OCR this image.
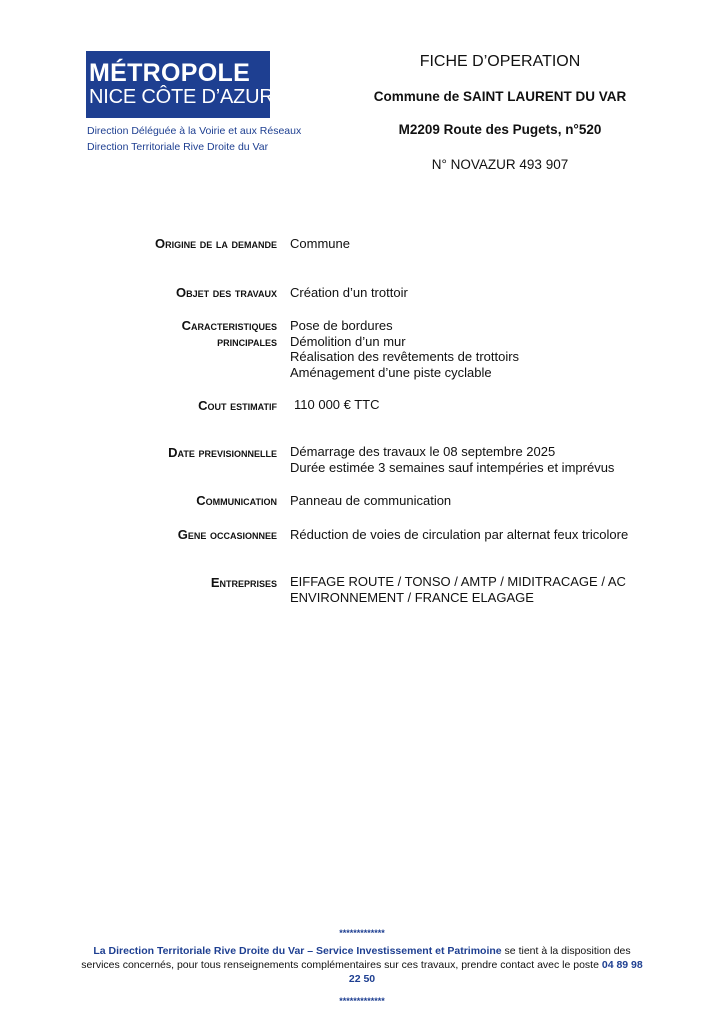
MÉTROPOLE
NICE CÔTE D’AZUR
Direction Déléguée à la Voirie et aux Réseaux
Direction Territoriale Rive Droite du Var
FICHE D’OPERATION
Commune de SAINT LAURENT DU VAR
M2209 Route des Pugets, n°520
N° NOVAZUR 493 907
Origine de la demande Commune
Objet des travaux Création d’un trottoir
Caracteristiques
principales
Pose de bordures
Démolition d’un mur
Réalisation des revêtements de trottoirs
Aménagement d’une piste cyclable
Cout estimatif 110 000 € TTC
Date previsionnelle Démarrage des travaux le 08 septembre 2025
Durée estimée 3 semaines sauf intempéries et imprévus
Communication Panneau de communication
Gene occasionnee Réduction de voies de circulation par alternat feux tricolore
Entreprises EIFFAGE ROUTE / TONSO / AMTP / MIDITRACAGE / AC
ENVIRONNEMENT / FRANCE ELAGAGE
*************
La Direction Territoriale Rive Droite du Var – Service Investissement et Patrimoine se tient à la disposition des services concernés, pour tous renseignements complémentaires sur ces travaux, prendre contact avec le poste 04 89 98 22 50
*************
